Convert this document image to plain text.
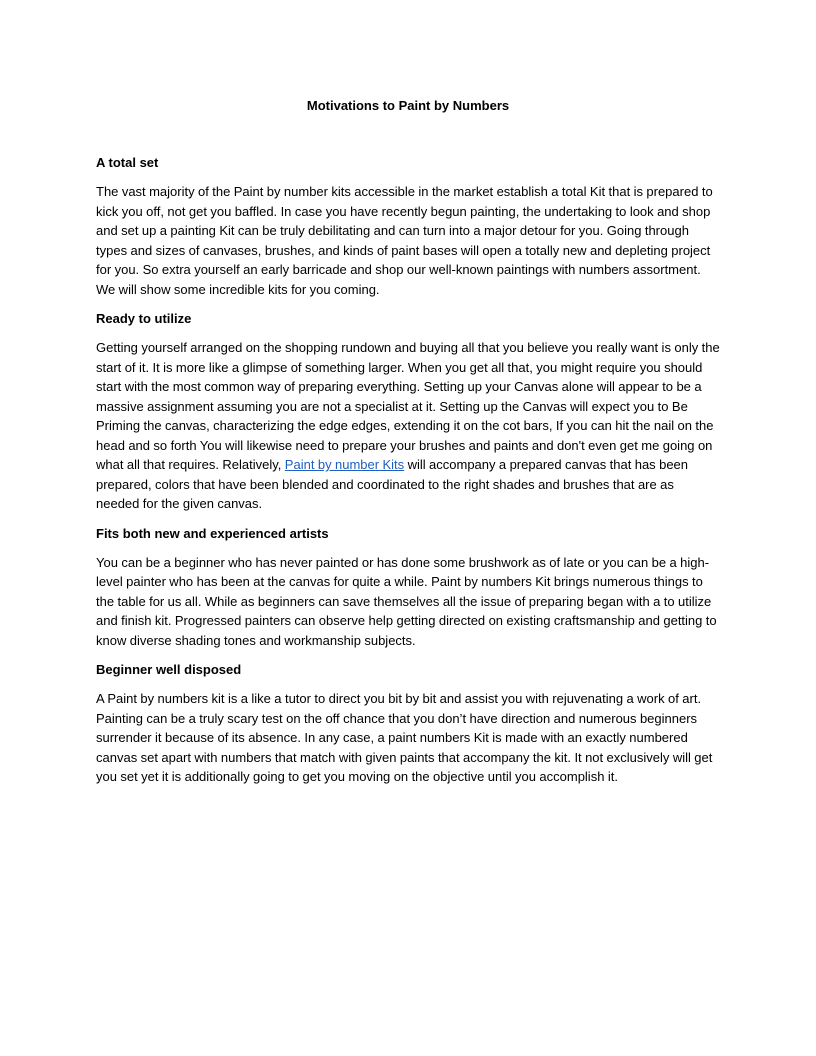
Motivations to Paint by Numbers

A total set

The vast majority of the Paint by number kits accessible in the market establish a total Kit that is prepared to kick you off, not get you baffled. In case you have recently begun painting, the undertaking to look and shop and set up a painting Kit can be truly debilitating and can turn into a major detour for you. Going through types and sizes of canvases, brushes, and kinds of paint bases will open a totally new and depleting project for you. So extra yourself an early barricade and shop our well-known paintings with numbers assortment. We will show some incredible kits for you coming.

Ready to utilize

Getting yourself arranged on the shopping rundown and buying all that you believe you really want is only the start of it. It is more like a glimpse of something larger. When you get all that, you might require you should start with the most common way of preparing everything. Setting up your Canvas alone will appear to be a massive assignment assuming you are not a specialist at it. Setting up the Canvas will expect you to Be Priming the canvas, characterizing the edge edges, extending it on the cot bars, If you can hit the nail on the head and so forth You will likewise need to prepare your brushes and paints and don't even get me going on what all that requires. Relatively, Paint by number Kits will accompany a prepared canvas that has been prepared, colors that have been blended and coordinated to the right shades and brushes that are as needed for the given canvas.

Fits both new and experienced artists

You can be a beginner who has never painted or has done some brushwork as of late or you can be a high-level painter who has been at the canvas for quite a while. Paint by numbers Kit brings numerous things to the table for us all. While as beginners can save themselves all the issue of preparing began with a to utilize and finish kit. Progressed painters can observe help getting directed on existing craftsmanship and getting to know diverse shading tones and workmanship subjects.

Beginner well disposed

A Paint by numbers kit is a like a tutor to direct you bit by bit and assist you with rejuvenating a work of art. Painting can be a truly scary test on the off chance that you don’t have direction and numerous beginners surrender it because of its absence. In any case, a paint numbers Kit is made with an exactly numbered canvas set apart with numbers that match with given paints that accompany the kit. It not exclusively will get you set yet it is additionally going to get you moving on the objective until you accomplish it.
